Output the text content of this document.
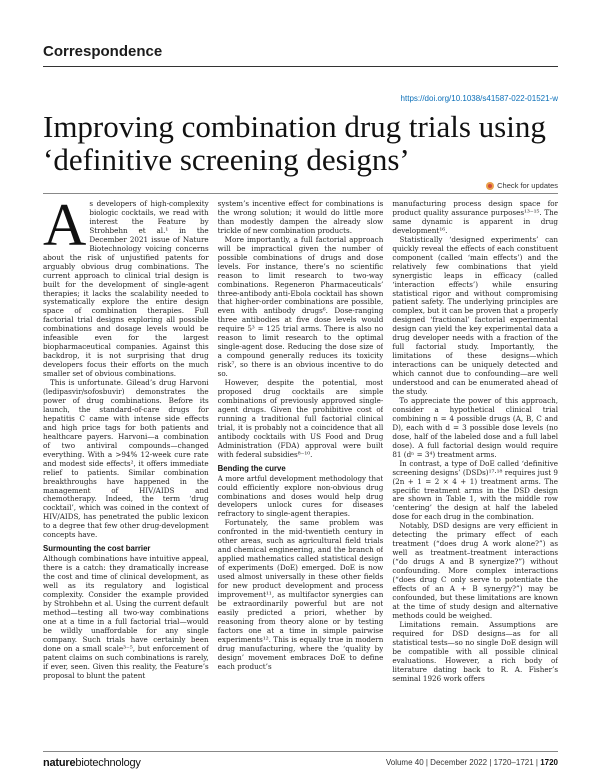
Correspondence
https://doi.org/10.1038/s41587-022-01521-w
Improving combination drug trials using ‘definitive screening designs’
Check for updates
A s developers of high-complexity biologic cocktails, we read with interest the Feature by Strohbehn et al.¹ in the December 2021 issue of Nature Biotechnology voicing concerns about the risk of unjustified patents for arguably obvious drug combinations. The current approach to clinical trial design is built for the development of single-agent therapies; it lacks the scalability needed to systematically explore the entire design space of combination therapies. Full factorial trial designs exploring all possible combinations and dosage levels would be infeasible even for the largest biopharmaceutical companies. Against this backdrop, it is not surprising that drug developers focus their efforts on the much smaller set of obvious combinations.

This is unfortunate. Gilead’s drug Harvoni (ledipasvir/sofosbuvir) demonstrates the power of drug combinations. Before its launch, the standard-of-care drugs for hepatitis C came with intense side effects and high price tags for both patients and healthcare payers. Harvoni—a combination of two antiviral compounds—changed everything. With a >94% 12-week cure rate and modest side effects², it offers immediate relief to patients. Similar combination breakthroughs have happened in the management of HIV/AIDS and chemotherapy. Indeed, the term ‘drug cocktail’, which was coined in the context of HIV/AIDS, has penetrated the public lexicon to a degree that few other drug-development concepts have.

Surmounting the cost barrier

Although combinations have intuitive appeal, there is a catch: they dramatically increase the cost and time of clinical development, as well as its regulatory and logistical complexity. Consider the example provided by Strohbehn et al. Using the current default method—testing all two-way combinations one at a time in a full factorial trial—would be wildly unaffordable for any single company. Such trials have certainly been done on a small scale³⁻⁵, but enforcement of patent claims on such combinations is rarely, if ever, seen. Given this reality, the Feature’s proposal to blunt the patent

system’s incentive effect for combinations is the wrong solution; it would do little more than modestly dampen the already slow trickle of new combination products.

More importantly, a full factorial approach will be impractical given the number of possible combinations of drugs and dose levels. For instance, there’s no scientific reason to limit research to two-way combinations. Regeneron Pharmaceuticals’ three-antibody anti-Ebola cocktail has shown that higher-order combinations are possible, even with antibody drugs⁶. Dose-ranging three antibodies at five dose levels would require 5³ = 125 trial arms. There is also no reason to limit research to the optimal single-agent dose. Reducing the dose size of a compound generally reduces its toxicity risk⁷, so there is an obvious incentive to do so.

However, despite the potential, most proposed drug cocktails are simple combinations of previously approved single-agent drugs. Given the prohibitive cost of running a traditional full factorial clinical trial, it is probably not a coincidence that all antibody cocktails with US Food and Drug Administration (FDA) approval were built with federal subsidies⁸⁻¹⁰.

Bending the curve

A more artful development methodology that could efficiently explore non-obvious drug combinations and doses would help drug developers unlock cures for diseases refractory to single-agent therapies.

Fortunately, the same problem was confronted in the mid-twentieth century in other areas, such as agricultural field trials and chemical engineering, and the branch of applied mathematics called statistical design of experiments (DoE) emerged. DoE is now used almost universally in these other fields for new product development and process improvement¹¹, as multifactor synergies can be extraordinarily powerful but are not easily predicted a priori, whether by reasoning from theory alone or by testing factors one at a time in simple pairwise experiments¹². This is equally true in modern drug manufacturing, where the ‘quality by design’ movement embraces DoE to define each product’s

manufacturing process design space for product quality assurance purposes¹³⁻¹⁵. The same dynamic is apparent in drug development¹⁶.

Statistically ‘designed experiments’ can quickly reveal the effects of each constituent component (called ‘main effects’) and the relatively few combinations that yield synergistic leaps in efficacy (called ‘interaction effects’) while ensuring statistical rigor and without compromising patient safety. The underlying principles are complex, but it can be proven that a properly designed ‘fractional’ factorial experimental design can yield the key experimental data a drug developer needs with a fraction of the full factorial study. Importantly, the limitations of these designs—which interactions can be uniquely detected and which cannot due to confounding—are well understood and can be enumerated ahead of the study.

To appreciate the power of this approach, consider a hypothetical clinical trial combining n = 4 possible drugs (A, B, C and D), each with d = 3 possible dose levels (no dose, half of the labeled dose and a full label dose). A full factorial design would require 81 (dⁿ = 3⁴) treatment arms.

In contrast, a type of DoE called ‘definitive screening designs’ (DSDs)¹⁷·¹⁸ requires just 9 (2n + 1 = 2 × 4 + 1) treatment arms. The specific treatment arms in the DSD design are shown in Table 1, with the middle row ‘centering’ the design at half the labeled dose for each drug in the combination.

Notably, DSD designs are very efficient in detecting the primary effect of each treatment (“does drug A work alone?”) as well as treatment–treatment interactions (“do drugs A and B synergize?”) without confounding. More complex interactions (“does drug C only serve to potentiate the effects of an A + B synergy?”) may be confounded, but these limitations are known at the time of study design and alternative methods could be weighed.

Limitations remain. Assumptions are required for DSD designs—as for all statistical tests—so no single DoE design will be compatible with all possible clinical evaluations. However, a rich body of literature dating back to R. A. Fisher’s seminal 1926 work offers

naturebiotechnology	Volume 40 | December 2022 | 1720–1721 | 1720
